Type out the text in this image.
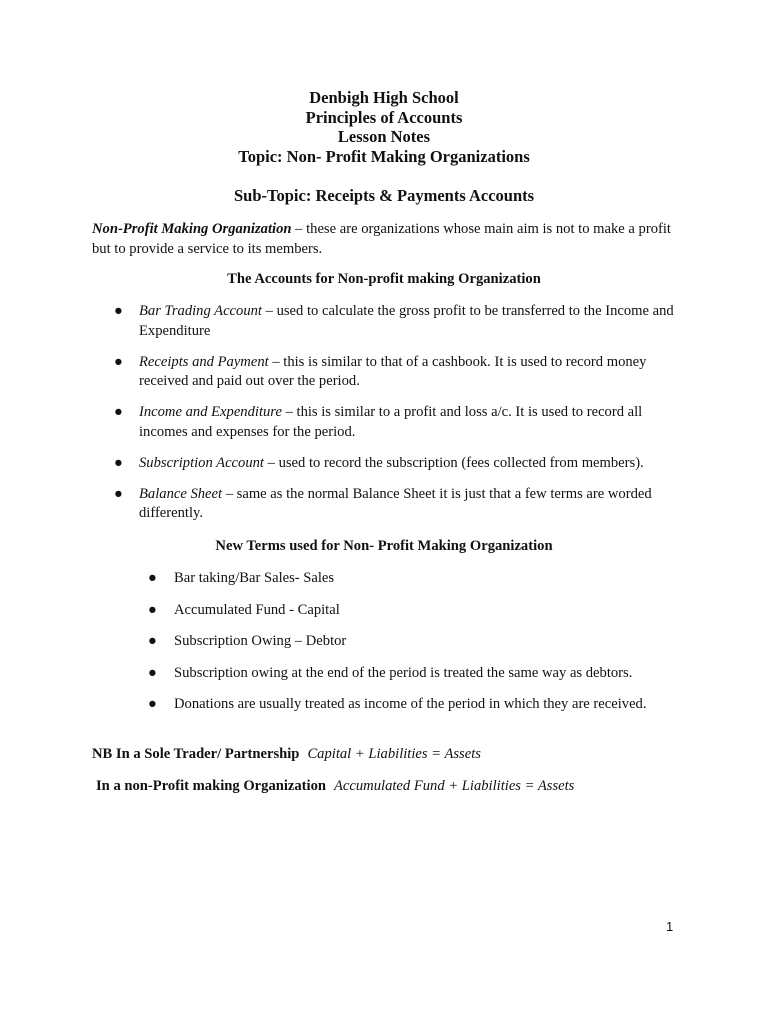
Denbigh High School
Principles of Accounts
Lesson Notes
Topic: Non- Profit Making Organizations
Sub-Topic: Receipts & Payments Accounts
Non-Profit Making Organization – these are organizations whose main aim is not to make a profit but to provide a service to its members.
The Accounts for Non-profit making Organization
● Bar Trading Account – used to calculate the gross profit to be transferred to the Income and Expenditure
● Receipts and Payment – this is similar to that of a cashbook. It is used to record money received and paid out over the period.
● Income and Expenditure – this is similar to a profit and loss a/c. It is used to record all incomes and expenses for the period.
● Subscription Account – used to record the subscription (fees collected from members).
● Balance Sheet – same as the normal Balance Sheet it is just that a few terms are worded differently.
New Terms used for Non- Profit Making Organization
● Bar taking/Bar Sales- Sales
● Accumulated Fund - Capital
● Subscription Owing – Debtor
● Subscription owing at the end of the period is treated the same way as debtors.
● Donations are usually treated as income of the period in which they are received.
NB In a Sole Trader/ Partnership Capital + Liabilities = Assets
In a non-Profit making Organization Accumulated Fund + Liabilities = Assets
1
